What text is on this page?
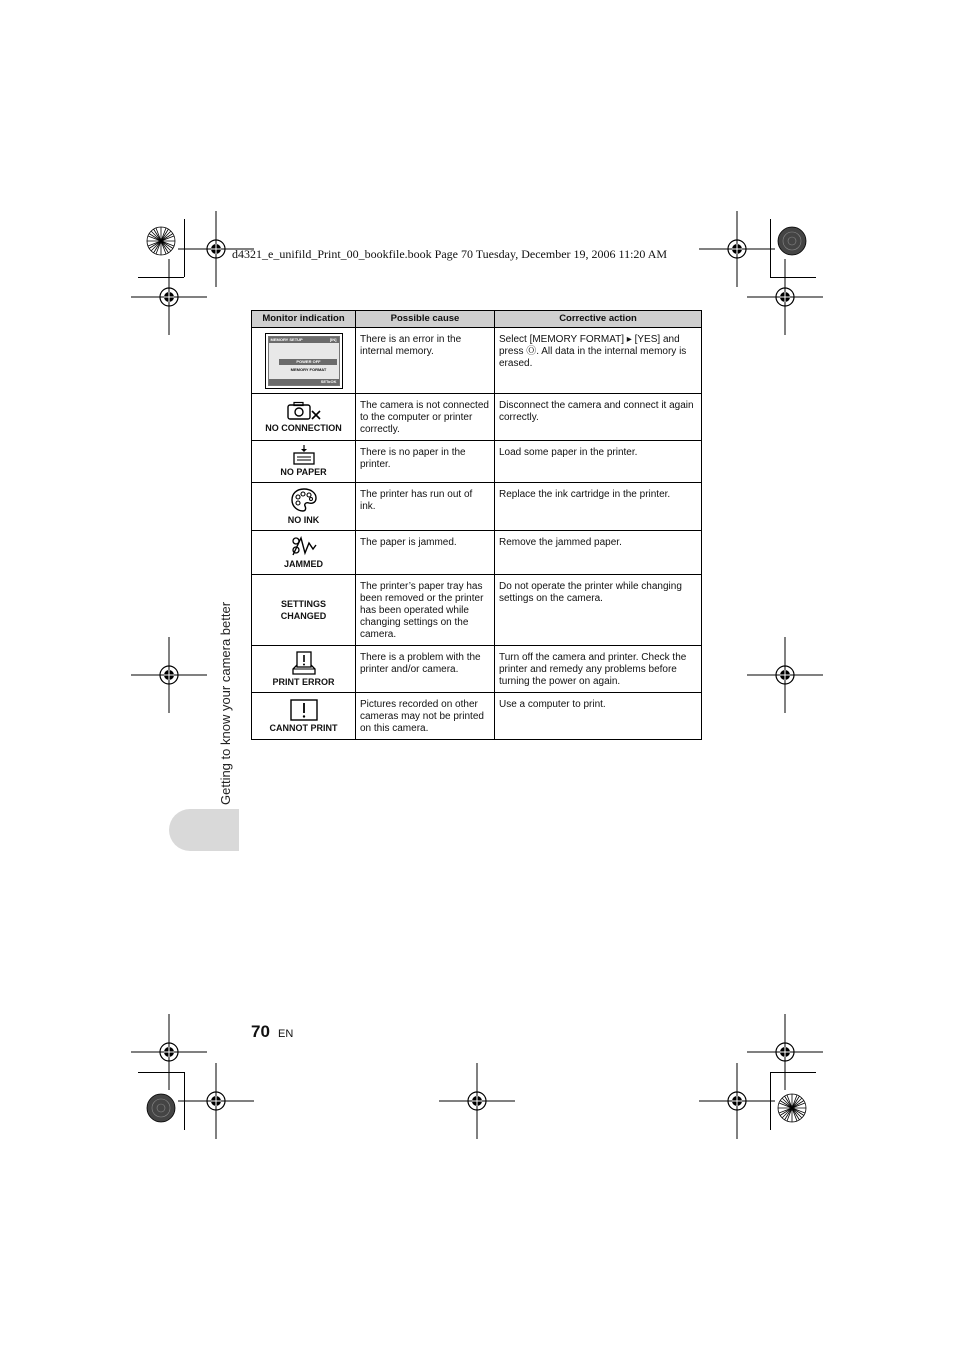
d4321_e_unifild_Print_00_bookfile.book Page 70 Tuesday, December 19, 2006 11:20 AM
Monitor indication	Possible cause	Corrective action

MEMORY SETUP [IN]
POWER OFF
MEMORY FORMAT
SET▸OK	There is an error in the internal memory.	Select [MEMORY FORMAT] ▸ [YES] and press Ⓞ. All data in the internal memory is erased.

NO CONNECTION	The camera is not connected to the computer or printer correctly.	Disconnect the camera and connect it again correctly.

NO PAPER	There is no paper in the printer.	Load some paper in the printer.

NO INK	The printer has run out of ink.	Replace the ink cartridge in the printer.

JAMMED	The paper is jammed.	Remove the jammed paper.

SETTINGS CHANGED	The printer’s paper tray has been removed or the printer has been operated while changing settings on the camera.	Do not operate the printer while changing settings on the camera.

PRINT ERROR	There is a problem with the printer and/or camera.	Turn off the camera and printer. Check the printer and remedy any problems before turning the power on again.

CANNOT PRINT	Pictures recorded on other cameras may not be printed on this camera.	Use a computer to print.
Getting to know your camera better
70 EN
